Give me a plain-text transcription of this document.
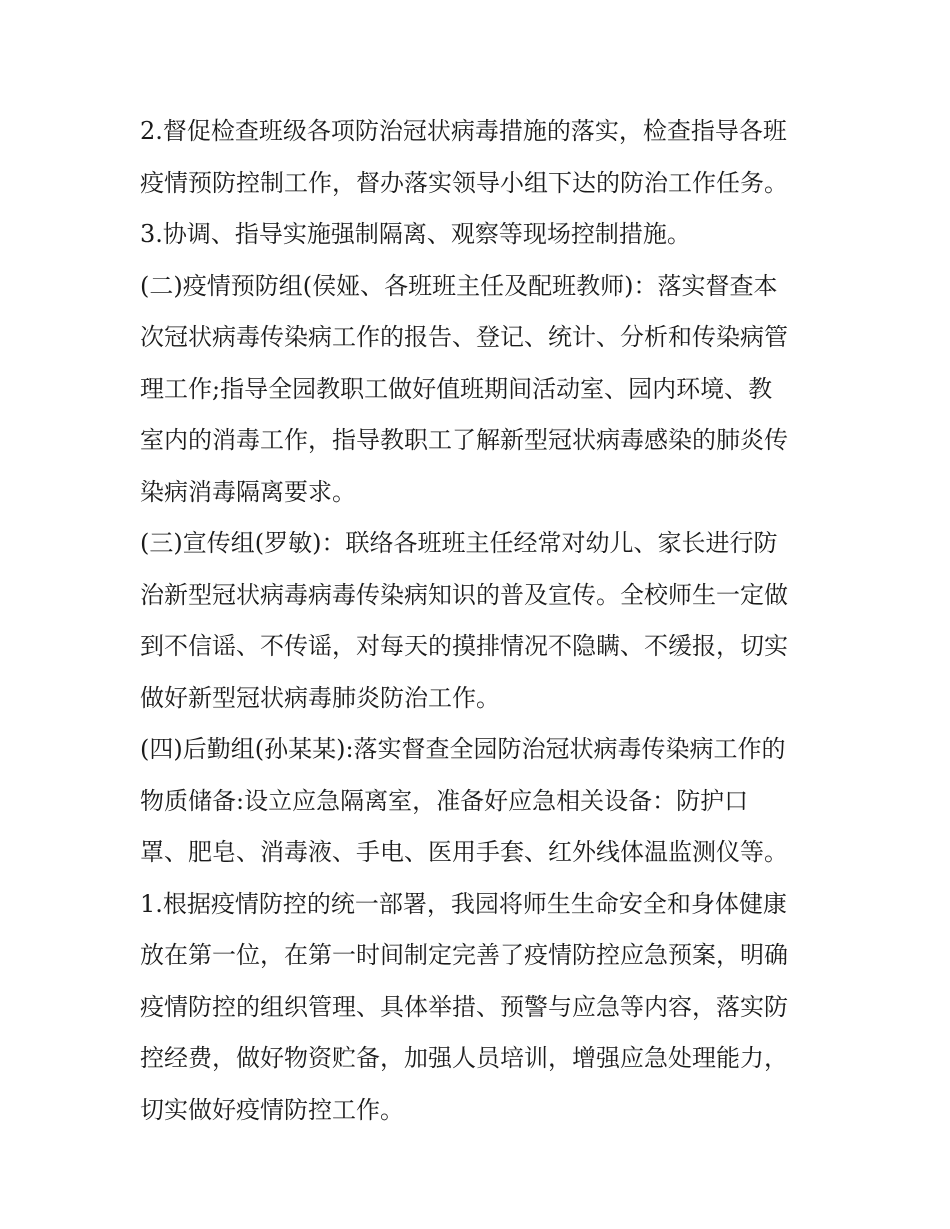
2.督促检查班级各项防治冠状病毒措施的落实，检查指导各班
疫情预防控制工作，督办落实领导小组下达的防治工作任务。
3.协调、指导实施强制隔离、观察等现场控制措施。
(二)疫情预防组(侯娅、各班班主任及配班教师)：落实督查本
次冠状病毒传染病工作的报告、登记、统计、分析和传染病管
理工作;指导全园教职工做好值班期间活动室、园内环境、教
室内的消毒工作，指导教职工了解新型冠状病毒感染的肺炎传
染病消毒隔离要求。
(三)宣传组(罗敏)：联络各班班主任经常对幼儿、家长进行防
治新型冠状病毒病毒传染病知识的普及宣传。全校师生一定做
到不信谣、不传谣，对每天的摸排情况不隐瞒、不缓报，切实
做好新型冠状病毒肺炎防治工作。
(四)后勤组(孙某某):落实督查全园防治冠状病毒传染病工作的
物质储备:设立应急隔离室，准备好应急相关设备：防护口
罩、肥皂、消毒液、手电、医用手套、红外线体温监测仪等。
1.根据疫情防控的统一部署，我园将师生生命安全和身体健康
放在第一位，在第一时间制定完善了疫情防控应急预案，明确
疫情防控的组织管理、具体举措、预警与应急等内容，落实防
控经费，做好物资贮备，加强人员培训，增强应急处理能力，
切实做好疫情防控工作。
